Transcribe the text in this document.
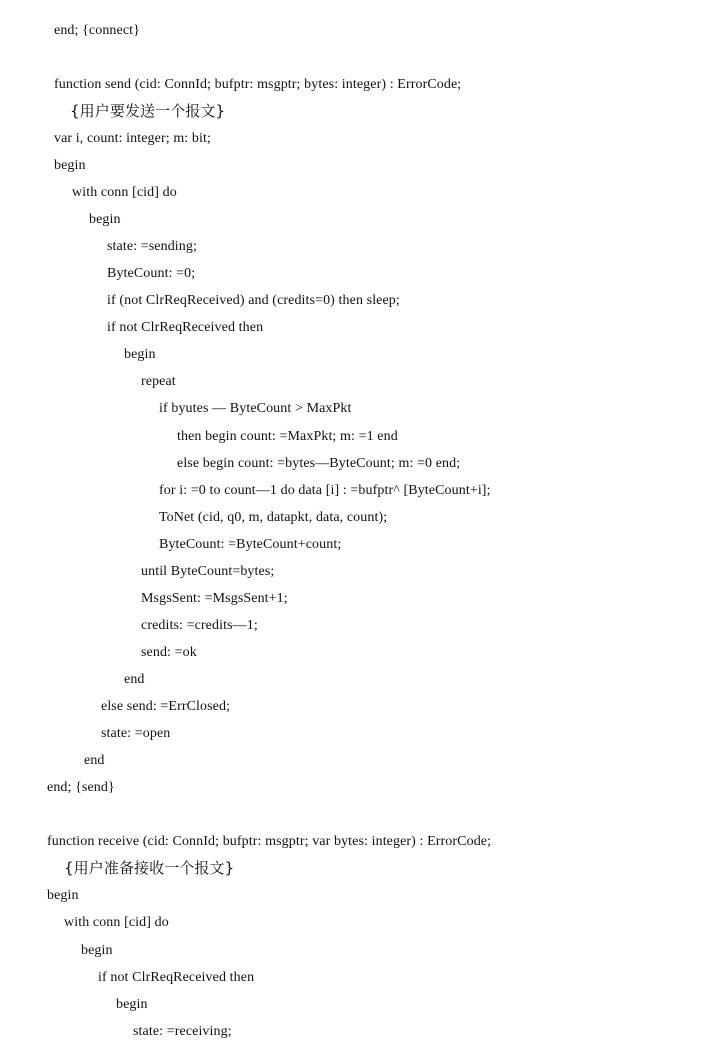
end; {connect}
function send (cid: ConnId; bufptr: msgptr; bytes: integer) : ErrorCode;
{用户要发送一个报文}
var i, count: integer; m: bit;
begin
with conn [cid] do
begin
state: =sending;
ByteCount: =0;
if (not ClrReqReceived) and (credits=0) then sleep;
if not ClrReqReceived then
begin
repeat
if byutes — ByteCount > MaxPkt
then begin count: =MaxPkt; m: =1 end
else begin count: =bytes—ByteCount; m: =0 end;
for i: =0 to count—1 do data [i] : =bufptr^ [ByteCount+i];
ToNet (cid, q0, m, datapkt, data, count);
ByteCount: =ByteCount+count;
until ByteCount=bytes;
MsgsSent: =MsgsSent+1;
credits: =credits—1;
send: =ok
end
else send: =ErrClosed;
state: =open
end
end; {send}
function receive (cid: ConnId; bufptr: msgptr; var bytes: integer) : ErrorCode;
{用户准备接收一个报文}
begin
with conn [cid] do
begin
if not ClrReqReceived then
begin
state: =receiving;
